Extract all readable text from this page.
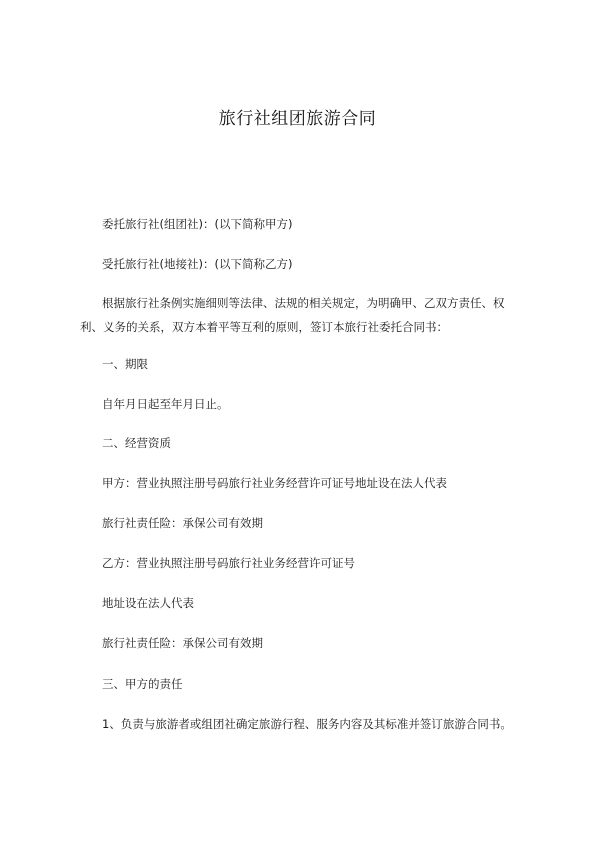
旅行社组团旅游合同
委托旅行社(组团社)：(以下简称甲方)
受托旅行社(地接社)：(以下简称乙方)
根据旅行社条例实施细则等法律、法规的相关规定，为明确甲、乙双方责任、权
利、义务的关系，双方本着平等互利的原则，签订本旅行社委托合同书：
一、期限
自年月日起至年月日止。
二、经营资质
甲方：营业执照注册号码旅行社业务经营许可证号地址设在法人代表
旅行社责任险：承保公司有效期
乙方：营业执照注册号码旅行社业务经营许可证号
地址设在法人代表
旅行社责任险：承保公司有效期
三、甲方的责任
1、负责与旅游者或组团社确定旅游行程、服务内容及其标准并签订旅游合同书。
